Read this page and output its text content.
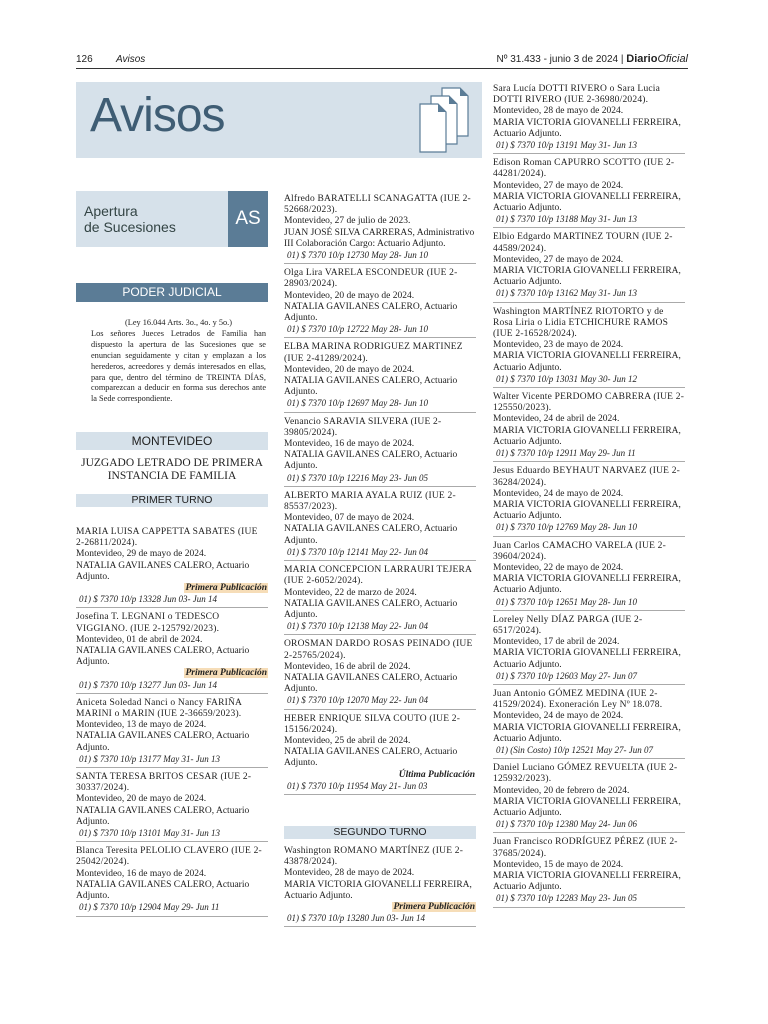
126 Avisos	Nº 31.433 - junio 3 de 2024 | DiarioOficial
Avisos
Apertura
de Sucesiones	AS
PODER JUDICIAL
(Ley 16.044 Arts. 3o., 4o. y 5o.)
Los señores Jueces Letrados de Familia han dispuesto la apertura de las Sucesiones que se enuncian seguidamente y citan y emplazan a los herederos, acreedores y demás interesados en ellas, para que, dentro del término de TREINTA DÍAS, comparezcan a deducir en forma sus derechos ante la Sede correspondiente.
MONTEVIDEO
JUZGADO LETRADO DE PRIMERA
INSTANCIA DE FAMILIA
PRIMER TURNO
MARIA LUISA CAPPETTA SABATES (IUE 2-26811/2024).
Montevideo, 29 de mayo de 2024.
NATALIA GAVILANES CALERO, Actuario Adjunto.
Primera Publicación
01) $ 7370 10/p 13328 Jun 03- Jun 14
Josefina T. LEGNANI o TEDESCO VIGGIANO. (IUE 2-125792/2023).
Montevideo, 01 de abril de 2024.
NATALIA GAVILANES CALERO, Actuario Adjunto.
Primera Publicación
01) $ 7370 10/p 13277 Jun 03- Jun 14
Aniceta Soledad Nanci o Nancy FARIÑA MARINI o MARIN (IUE 2-36659/2023).
Montevideo, 13 de mayo de 2024.
NATALIA GAVILANES CALERO, Actuario Adjunto.
01) $ 7370 10/p 13177 May 31- Jun 13
SANTA TERESA BRITOS CESAR (IUE 2-30337/2024).
Montevideo, 20 de mayo de 2024.
NATALIA GAVILANES CALERO, Actuario Adjunto.
01) $ 7370 10/p 13101 May 31- Jun 13
Blanca Teresita PELOLIO CLAVERO (IUE 2-25042/2024).
Montevideo, 16 de mayo de 2024.
NATALIA GAVILANES CALERO, Actuario Adjunto.
01) $ 7370 10/p 12904 May 29- Jun 11
Alfredo BARATELLI SCANAGATTA (IUE 2-52668/2023).
Montevideo, 27 de julio de 2023.
JUAN JOSÉ SILVA CARRERAS, Administrativo III Colaboración Cargo: Actuario Adjunto.
01) $ 7370 10/p 12730 May 28- Jun 10
Olga Lira VARELA ESCONDEUR (IUE 2-28903/2024).
Montevideo, 20 de mayo de 2024.
NATALIA GAVILANES CALERO, Actuario Adjunto.
01) $ 7370 10/p 12722 May 28- Jun 10
ELBA MARINA RODRIGUEZ MARTINEZ (IUE 2-41289/2024).
Montevideo, 20 de mayo de 2024.
NATALIA GAVILANES CALERO, Actuario Adjunto.
01) $ 7370 10/p 12697 May 28- Jun 10
Venancio SARAVIA SILVERA (IUE 2-39805/2024).
Montevideo, 16 de mayo de 2024.
NATALIA GAVILANES CALERO, Actuario Adjunto.
01) $ 7370 10/p 12216 May 23- Jun 05
ALBERTO MARIA AYALA RUIZ (IUE 2-85537/2023).
Montevideo, 07 de mayo de 2024.
NATALIA GAVILANES CALERO, Actuario Adjunto.
01) $ 7370 10/p 12141 May 22- Jun 04
MARIA CONCEPCION LARRAURI TEJERA (IUE 2-6052/2024).
Montevideo, 22 de marzo de 2024.
NATALIA GAVILANES CALERO, Actuario Adjunto.
01) $ 7370 10/p 12138 May 22- Jun 04
OROSMAN DARDO ROSAS PEINADO (IUE 2-25765/2024).
Montevideo, 16 de abril de 2024.
NATALIA GAVILANES CALERO, Actuario Adjunto.
01) $ 7370 10/p 12070 May 22- Jun 04
HEBER ENRIQUE SILVA COUTO (IUE 2-15156/2024).
Montevideo, 25 de abril de 2024.
NATALIA GAVILANES CALERO, Actuario Adjunto.
Última Publicación
01) $ 7370 10/p 11954 May 21- Jun 03
SEGUNDO TURNO
Washington ROMANO MARTÍNEZ (IUE 2-43878/2024).
Montevideo, 28 de mayo de 2024.
MARIA VICTORIA GIOVANELLI FERREIRA, Actuario Adjunto.
Primera Publicación
01) $ 7370 10/p 13280 Jun 03- Jun 14
Sara Lucía DOTTI RIVERO o Sara Lucia DOTTI RIVERO (IUE 2-36980/2024).
Montevideo, 28 de mayo de 2024.
MARIA VICTORIA GIOVANELLI FERREIRA, Actuario Adjunto.
01) $ 7370 10/p 13191 May 31- Jun 13
Edison Roman CAPURRO SCOTTO (IUE 2-44281/2024).
Montevideo, 27 de mayo de 2024.
MARIA VICTORIA GIOVANELLI FERREIRA, Actuario Adjunto.
01) $ 7370 10/p 13188 May 31- Jun 13
Elbio Edgardo MARTINEZ TOURN (IUE 2-44589/2024).
Montevideo, 27 de mayo de 2024.
MARIA VICTORIA GIOVANELLI FERREIRA, Actuario Adjunto.
01) $ 7370 10/p 13162 May 31- Jun 13
Washington MARTÍNEZ RIOTORTO y de Rosa Liria o Lidia ETCHICHURE RAMOS (IUE 2-16528/2024).
Montevideo, 23 de mayo de 2024.
MARIA VICTORIA GIOVANELLI FERREIRA, Actuario Adjunto.
01) $ 7370 10/p 13031 May 30- Jun 12
Walter Vicente PERDOMO CABRERA (IUE 2-125550/2023).
Montevideo, 24 de abril de 2024.
MARIA VICTORIA GIOVANELLI FERREIRA, Actuario Adjunto.
01) $ 7370 10/p 12911 May 29- Jun 11
Jesus Eduardo BEYHAUT NARVAEZ (IUE 2-36284/2024).
Montevideo, 24 de mayo de 2024.
MARIA VICTORIA GIOVANELLI FERREIRA, Actuario Adjunto.
01) $ 7370 10/p 12769 May 28- Jun 10
Juan Carlos CAMACHO VARELA (IUE 2-39604/2024).
Montevideo, 22 de mayo de 2024.
MARIA VICTORIA GIOVANELLI FERREIRA, Actuario Adjunto.
01) $ 7370 10/p 12651 May 28- Jun 10
Loreley Nelly DÍAZ PARGA (IUE 2-6517/2024).
Montevideo, 17 de abril de 2024.
MARIA VICTORIA GIOVANELLI FERREIRA, Actuario Adjunto.
01) $ 7370 10/p 12603 May 27- Jun 07
Juan Antonio GÓMEZ MEDINA (IUE 2-41529/2024). Exoneración Ley Nº 18.078.
Montevideo, 24 de mayo de 2024.
MARIA VICTORIA GIOVANELLI FERREIRA, Actuario Adjunto.
01) (Sin Costo) 10/p 12521 May 27- Jun 07
Daniel Luciano GÓMEZ REVUELTA (IUE 2-125932/2023).
Montevideo, 20 de febrero de 2024.
MARIA VICTORIA GIOVANELLI FERREIRA, Actuario Adjunto.
01) $ 7370 10/p 12380 May 24- Jun 06
Juan Francisco RODRÍGUEZ PÉREZ (IUE 2-37685/2024).
Montevideo, 15 de mayo de 2024.
MARIA VICTORIA GIOVANELLI FERREIRA, Actuario Adjunto.
01) $ 7370 10/p 12283 May 23- Jun 05
